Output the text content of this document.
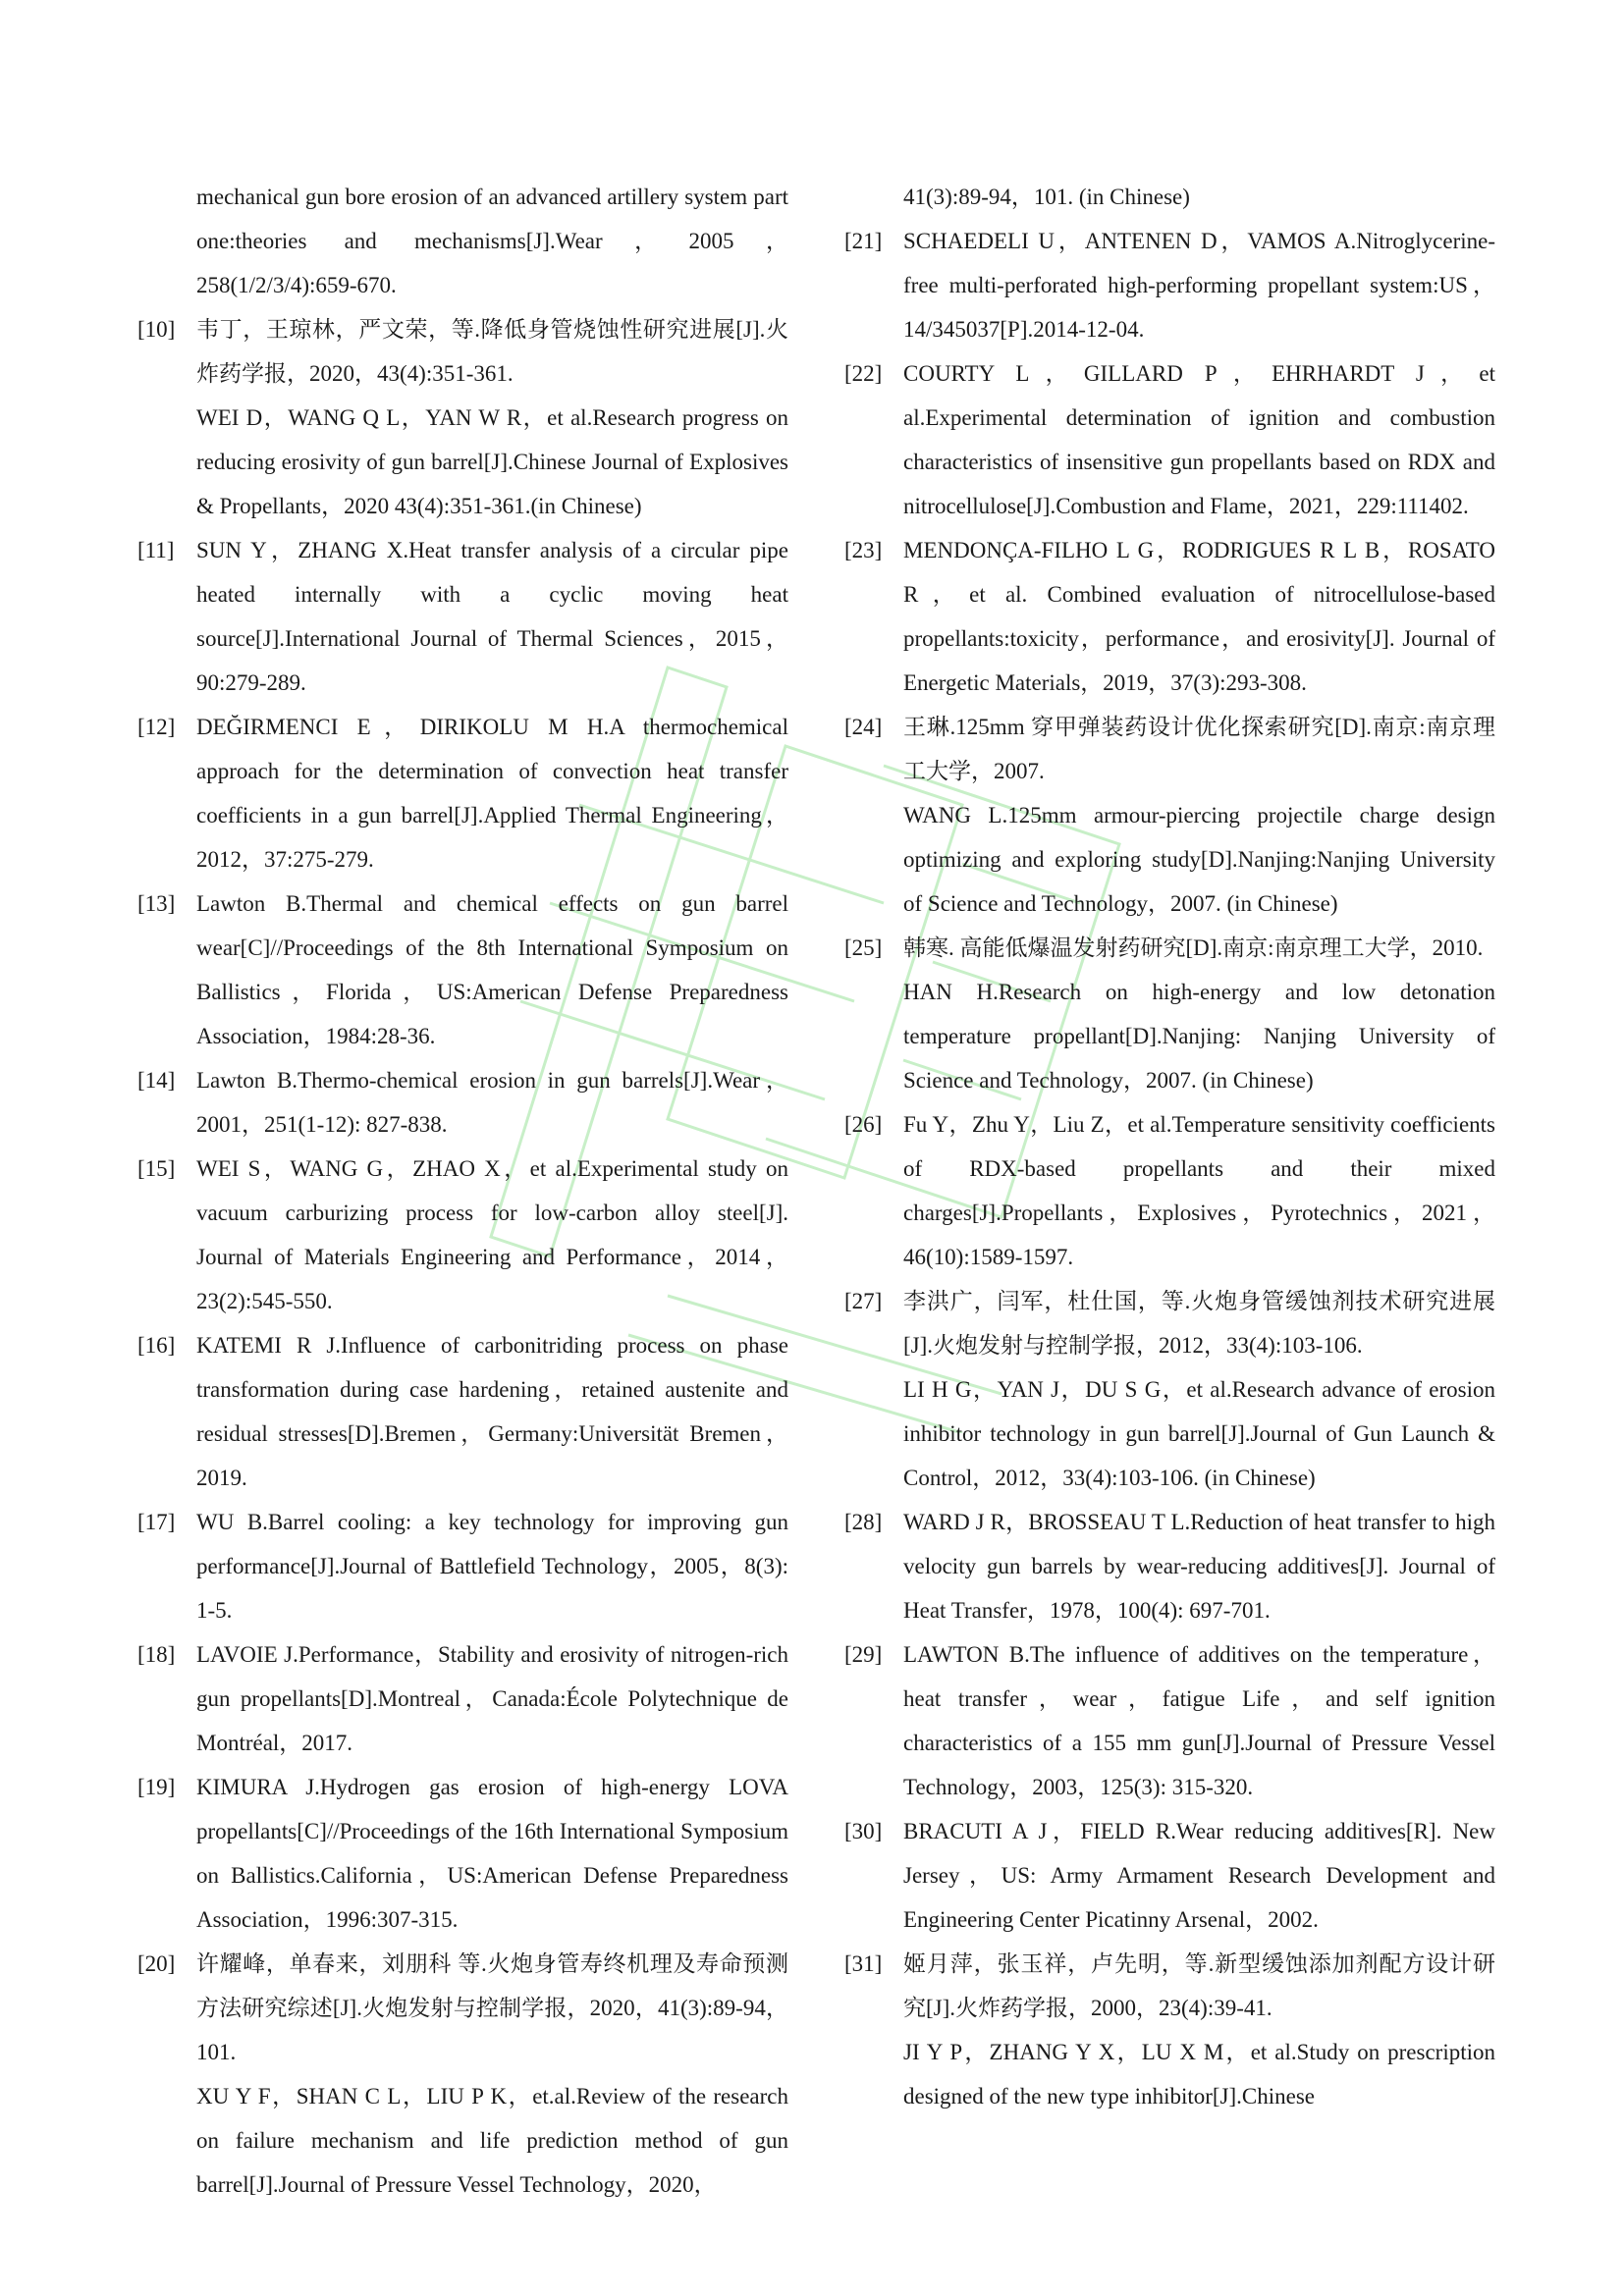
mechanical gun bore erosion of an advanced artillery system part one:theories and mechanisms[J].Wear，2005，258(1/2/3/4):659-670.
[10] 韦丁，王琼林，严文荣，等.降低身管烧蚀性研究进展[J].火炸药学报，2020，43(4):351-361.
WEI D，WANG Q L，YAN W R，et al.Research progress on reducing erosivity of gun barrel[J].Chinese Journal of Explosives & Propellants，2020 43(4):351-361.(in Chinese)
[11] SUN Y，ZHANG X.Heat transfer analysis of a circular pipe heated internally with a cyclic moving heat source[J].International Journal of Thermal Sciences，2015，90:279-289.
[12] DEĞIRMENCI E，DIRIKOLU M H.A thermochemical approach for the determination of convection heat transfer coefficients in a gun barrel[J].Applied Thermal Engineering，2012，37:275-279.
[13] Lawton B.Thermal and chemical effects on gun barrel wear[C]//Proceedings of the 8th International Symposium on Ballistics，Florida，US:American Defense Preparedness Association，1984:28-36.
[14] Lawton B.Thermo-chemical erosion in gun barrels[J].Wear，2001，251(1-12): 827-838.
[15] WEI S，WANG G，ZHAO X，et al.Experimental study on vacuum carburizing process for low-carbon alloy steel[J]. Journal of Materials Engineering and Performance，2014，23(2):545-550.
[16] KATEMI R J.Influence of carbonitriding process on phase transformation during case hardening，retained austenite and residual stresses[D].Bremen，Germany:Universität Bremen，2019.
[17] WU B.Barrel cooling: a key technology for improving gun performance[J].Journal of Battlefield Technology，2005，8(3): 1-5.
[18] LAVOIE J.Performance，Stability and erosivity of nitrogen-rich gun propellants[D].Montreal，Canada:École Polytechnique de Montréal，2017.
[19] KIMURA J.Hydrogen gas erosion of high-energy LOVA propellants[C]//Proceedings of the 16th International Symposium on Ballistics.California，US:American Defense Preparedness Association，1996:307-315.
[20] 许耀峰，单春来，刘朋科 等.火炮身管寿终机理及寿命预测方法研究综述[J].火炮发射与控制学报，2020，41(3):89-94，101.
XU Y F，SHAN C L，LIU P K，et.al.Review of the research on failure mechanism and life prediction method of gun barrel[J].Journal of Pressure Vessel Technology，2020，
41(3):89-94，101. (in Chinese)
[21] SCHAEDELI U，ANTENEN D，VAMOS A.Nitroglycerine-free multi-perforated high-performing propellant system:US，14/345037[P].2014-12-04.
[22] COURTY L，GILLARD P，EHRHARDT J，et al.Experimental determination of ignition and combustion characteristics of insensitive gun propellants based on RDX and nitrocellulose[J].Combustion and Flame，2021，229:111402.
[23] MENDONÇA-FILHO L G，RODRIGUES R L B，ROSATO R，et al. Combined evaluation of nitrocellulose-based propellants:toxicity，performance，and erosivity[J]. Journal of Energetic Materials，2019，37(3):293-308.
[24] 王琳.125mm 穿甲弹装药设计优化探索研究[D].南京:南京理工大学，2007.
WANG L.125mm armour-piercing projectile charge design optimizing and exploring study[D].Nanjing:Nanjing University of Science and Technology，2007. (in Chinese)
[25] 韩寒. 高能低爆温发射药研究[D].南京:南京理工大学，2010.
HAN H.Research on high-energy and low detonation temperature propellant[D].Nanjing: Nanjing University of Science and Technology，2007. (in Chinese)
[26] Fu Y，Zhu Y，Liu Z，et al.Temperature sensitivity coefficients of RDX-based propellants and their mixed charges[J].Propellants，Explosives，Pyrotechnics，2021，46(10):1589-1597.
[27] 李洪广，闫军，杜仕国，等.火炮身管缓蚀剂技术研究进展[J].火炮发射与控制学报，2012，33(4):103-106.
LI H G，YAN J，DU S G，et al.Research advance of erosion inhibitor technology in gun barrel[J].Journal of Gun Launch & Control，2012，33(4):103-106. (in Chinese)
[28] WARD J R，BROSSEAU T L.Reduction of heat transfer to high velocity gun barrels by wear-reducing additives[J]. Journal of Heat Transfer，1978，100(4): 697-701.
[29] LAWTON B.The influence of additives on the temperature，heat transfer，wear，fatigue Life，and self ignition characteristics of a 155 mm gun[J].Journal of Pressure Vessel Technology，2003，125(3): 315-320.
[30] BRACUTI A J，FIELD R.Wear reducing additives[R]. New Jersey，US: Army Armament Research Development and Engineering Center Picatinny Arsenal，2002.
[31] 姬月萍，张玉祥，卢先明，等.新型缓蚀添加剂配方设计研究[J].火炸药学报，2000，23(4):39-41.
JI Y P，ZHANG Y X，LU X M，et al.Study on prescription designed of the new type inhibitor[J].Chinese
